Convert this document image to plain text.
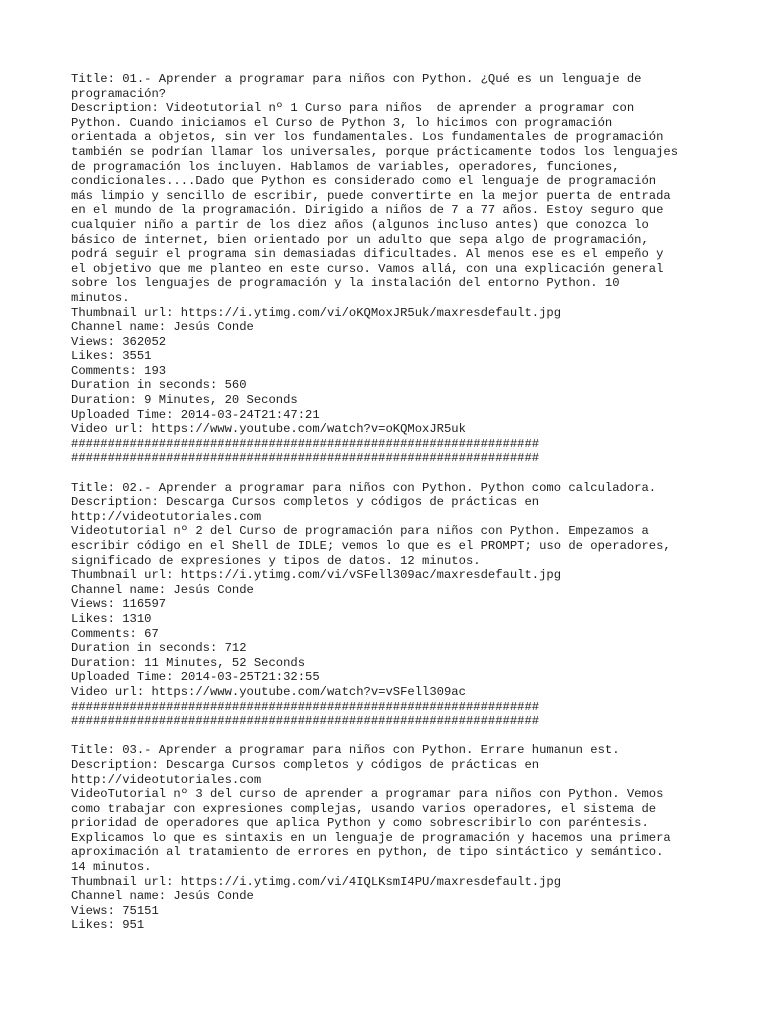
Title: 01.- Aprender a programar para niños con Python. ¿Qué es un lenguaje de
programación?
Description: Videotutorial nº 1 Curso para niños  de aprender a programar con
Python. Cuando iniciamos el Curso de Python 3, lo hicimos con programación
orientada a objetos, sin ver los fundamentales. Los fundamentales de programación
también se podrían llamar los universales, porque prácticamente todos los lenguajes
de programación los incluyen. Hablamos de variables, operadores, funciones,
condicionales....Dado que Python es considerado como el lenguaje de programación
más limpio y sencillo de escribir, puede convertirte en la mejor puerta de entrada
en el mundo de la programación. Dirigido a niños de 7 a 77 años. Estoy seguro que
cualquier niño a partir de los diez años (algunos incluso antes) que conozca lo
básico de internet, bien orientado por un adulto que sepa algo de programación,
podrá seguir el programa sin demasiadas dificultades. Al menos ese es el empeño y
el objetivo que me planteo en este curso. Vamos allá, con una explicación general
sobre los lenguajes de programación y la instalación del entorno Python. 10
minutos.
Thumbnail url: https://i.ytimg.com/vi/oKQMoxJR5uk/maxresdefault.jpg
Channel name: Jesús Conde
Views: 362052
Likes: 3551
Comments: 193
Duration in seconds: 560
Duration: 9 Minutes, 20 Seconds
Uploaded Time: 2014-03-24T21:47:21
Video url: https://www.youtube.com/watch?v=oKQMoxJR5uk
################################################################
################################################################
Title: 02.- Aprender a programar para niños con Python. Python como calculadora.
Description: Descarga Cursos completos y códigos de prácticas en
http://videotutoriales.com
Videotutorial nº 2 del Curso de programación para niños con Python. Empezamos a
escribir código en el Shell de IDLE; vemos lo que es el PROMPT; uso de operadores,
significado de expresiones y tipos de datos. 12 minutos.
Thumbnail url: https://i.ytimg.com/vi/vSFell309ac/maxresdefault.jpg
Channel name: Jesús Conde
Views: 116597
Likes: 1310
Comments: 67
Duration in seconds: 712
Duration: 11 Minutes, 52 Seconds
Uploaded Time: 2014-03-25T21:32:55
Video url: https://www.youtube.com/watch?v=vSFell309ac
################################################################
################################################################
Title: 03.- Aprender a programar para niños con Python. Errare humanun est.
Description: Descarga Cursos completos y códigos de prácticas en
http://videotutoriales.com
VideoTutorial nº 3 del curso de aprender a programar para niños con Python. Vemos
como trabajar con expresiones complejas, usando varios operadores, el sistema de
prioridad de operadores que aplica Python y como sobrescribirlo con paréntesis.
Explicamos lo que es sintaxis en un lenguaje de programación y hacemos una primera
aproximación al tratamiento de errores en python, de tipo sintáctico y semántico.
14 minutos.
Thumbnail url: https://i.ytimg.com/vi/4IQLKsmI4PU/maxresdefault.jpg
Channel name: Jesús Conde
Views: 75151
Likes: 951
